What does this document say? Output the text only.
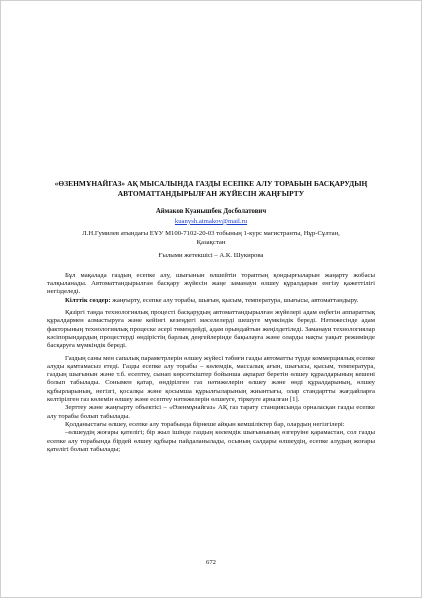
«ӨЗЕНМҰНАЙГАЗ» АҚ МЫСАЛЫНДА ГАЗДЫ ЕСЕПКЕ АЛУ ТОРАБЫН БАСҚАРУДЫҢ АВТОМАТТАНДЫРЫЛҒАН ЖҮЙЕСІН ЖАҢҒЫРТУ

Аймаков Куанышбек Досболатович

kuanysh.aimakov@mail.ru

Л.Н.Гумилев атындағы ЕҰУ М100-7102-20-03 тобының 1-курс магистранты, Нұр-Сұлтан,

Қазақстан

Ғылыми жетекшісі – А.К. Шукирова

Бұл мақалада газдың есепке алу, шығынын өлшейтін тораптың қондырғыларын жаңарту жобасы талқыланады. Автоматтандырылған басқару жүйесін жаңе заманауи өлшеу құралдарын енгізу қажеттілігі негізделеді.

Кілттік сөздер: жаңғырту, есепке алу торабы, шығын, қысым, температура, шығысы, автоматтандыру.

Қазіргі таңда технологиялық процесті басқарудың автоматтандырылған жүйелері адам еңбегін аппараттық құралдармен алмастыруға және кейінгі кезеңдегі мәселелерді шешуге мүмкіндік береді. Нәтижесінде адам факторының технологиялық процеске әсері төмендейді, адам орындайтын жеңілдетіледі. Заманауи технологиялар кәсіпорындардың процестерді өндірістің барлық деңгейлерінде бақылауға және оларды нақты уақыт режимінде басқаруға мүмкіндік береді.

Газдың саны мен сапалық параметрлерін өлшеу жүйесі тәбиғи газды автоматты түрде коммерциялық есепке алуды қамтамасыз етеді. Газды есепке алу торабы – көлемдік, массалық ағын, шығысы, қысым, температура, газдың шығынын және т.б. есептеу, сынап көрсеткіштер бойынша ақпарат беретін өлшеу құралдарының кешені болып табылады. Сонымен қатар, өндірілген газ нәтижелерін өлшеу және өнді құралдарының, өлшеу құбырларының, негізгі, қосалқы және қосымша құрылғыларының жиынтығы, олар стандартты жағдайларға келтірілген газ көлемін өлшеу және есептеу нәтижелерін өлшеуге, тіркеуге арналған [1].

Зерттеу және жаңғырту объектісі – «Өзенмұнайгаз» АҚ газ тарату станциясында орналасқан газды есепке алу торабы болып табылады.

Қолданыстағы өлшеу, есепке алу торабында бірнеше айқын кемшіліктер бар, олардың негізгілері:

–өлшеудің жоғары қателігі; бір жыл ішінде газдың көлемдік шығынының өзгеруіне қарамастан, сол газды есепке алу торабында бірдей өлшеу құбыры пайдаланылады, осының салдары өлшеудің, есепке алудың жоғары қателігі болып табылады;

672
